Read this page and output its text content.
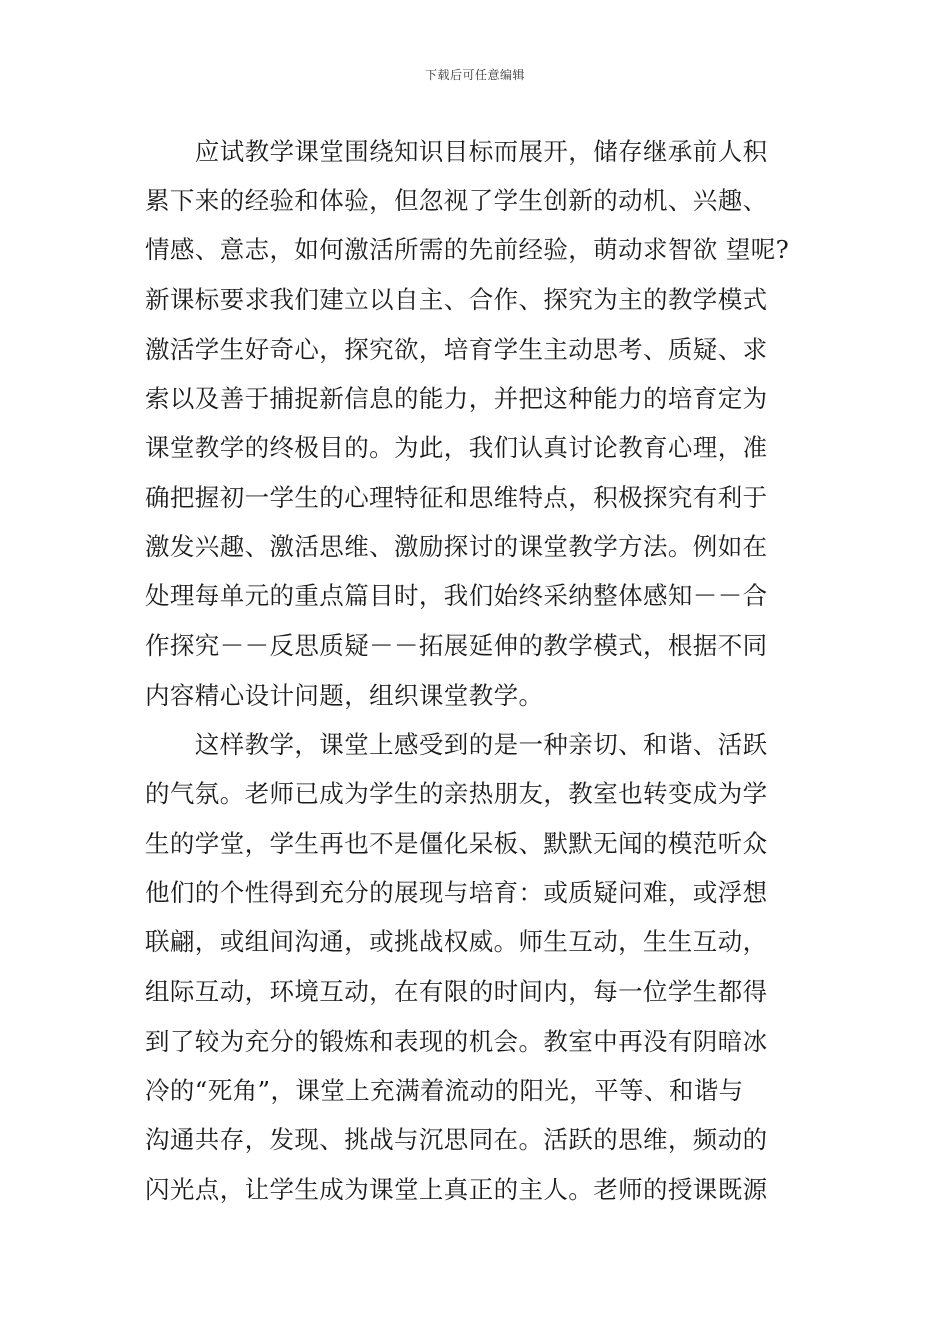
下载后可任意编辑
　　应试教学课堂围绕知识目标而展开，储存继承前人积
累下来的经验和体验，但忽视了学生创新的动机、兴趣、
情感、意志，如何激活所需的先前经验，萌动求智欲 望呢?
新课标要求我们建立以自主、合作、探究为主的教学模式
激活学生好奇心，探究欲，培育学生主动思考、质疑、求
索以及善于捕捉新信息的能力，并把这种能力的培育定为
课堂教学的终极目的。为此，我们认真讨论教育心理，准
确把握初一学生的心理特征和思维特点，积极探究有利于
激发兴趣、激活思维、激励探讨的课堂教学方法。例如在
处理每单元的重点篇目时，我们始终采纳整体感知－－合
作探究－－反思质疑－－拓展延伸的教学模式，根据不同
内容精心设计问题，组织课堂教学。
　　这样教学，课堂上感受到的是一种亲切、和谐、活跃
的气氛。老师已成为学生的亲热朋友，教室也转变成为学
生的学堂，学生再也不是僵化呆板、默默无闻的模范听众
他们的个性得到充分的展现与培育：或质疑问难，或浮想
联翩，或组间沟通，或挑战权威。师生互动，生生互动，
组际互动，环境互动，在有限的时间内，每一位学生都得
到了较为充分的锻炼和表现的机会。教室中再没有阴暗冰
冷的“死角”，课堂上充满着流动的阳光，平等、和谐与
沟通共存，发现、挑战与沉思同在。活跃的思维，频动的
闪光点，让学生成为课堂上真正的主人。老师的授课既源
